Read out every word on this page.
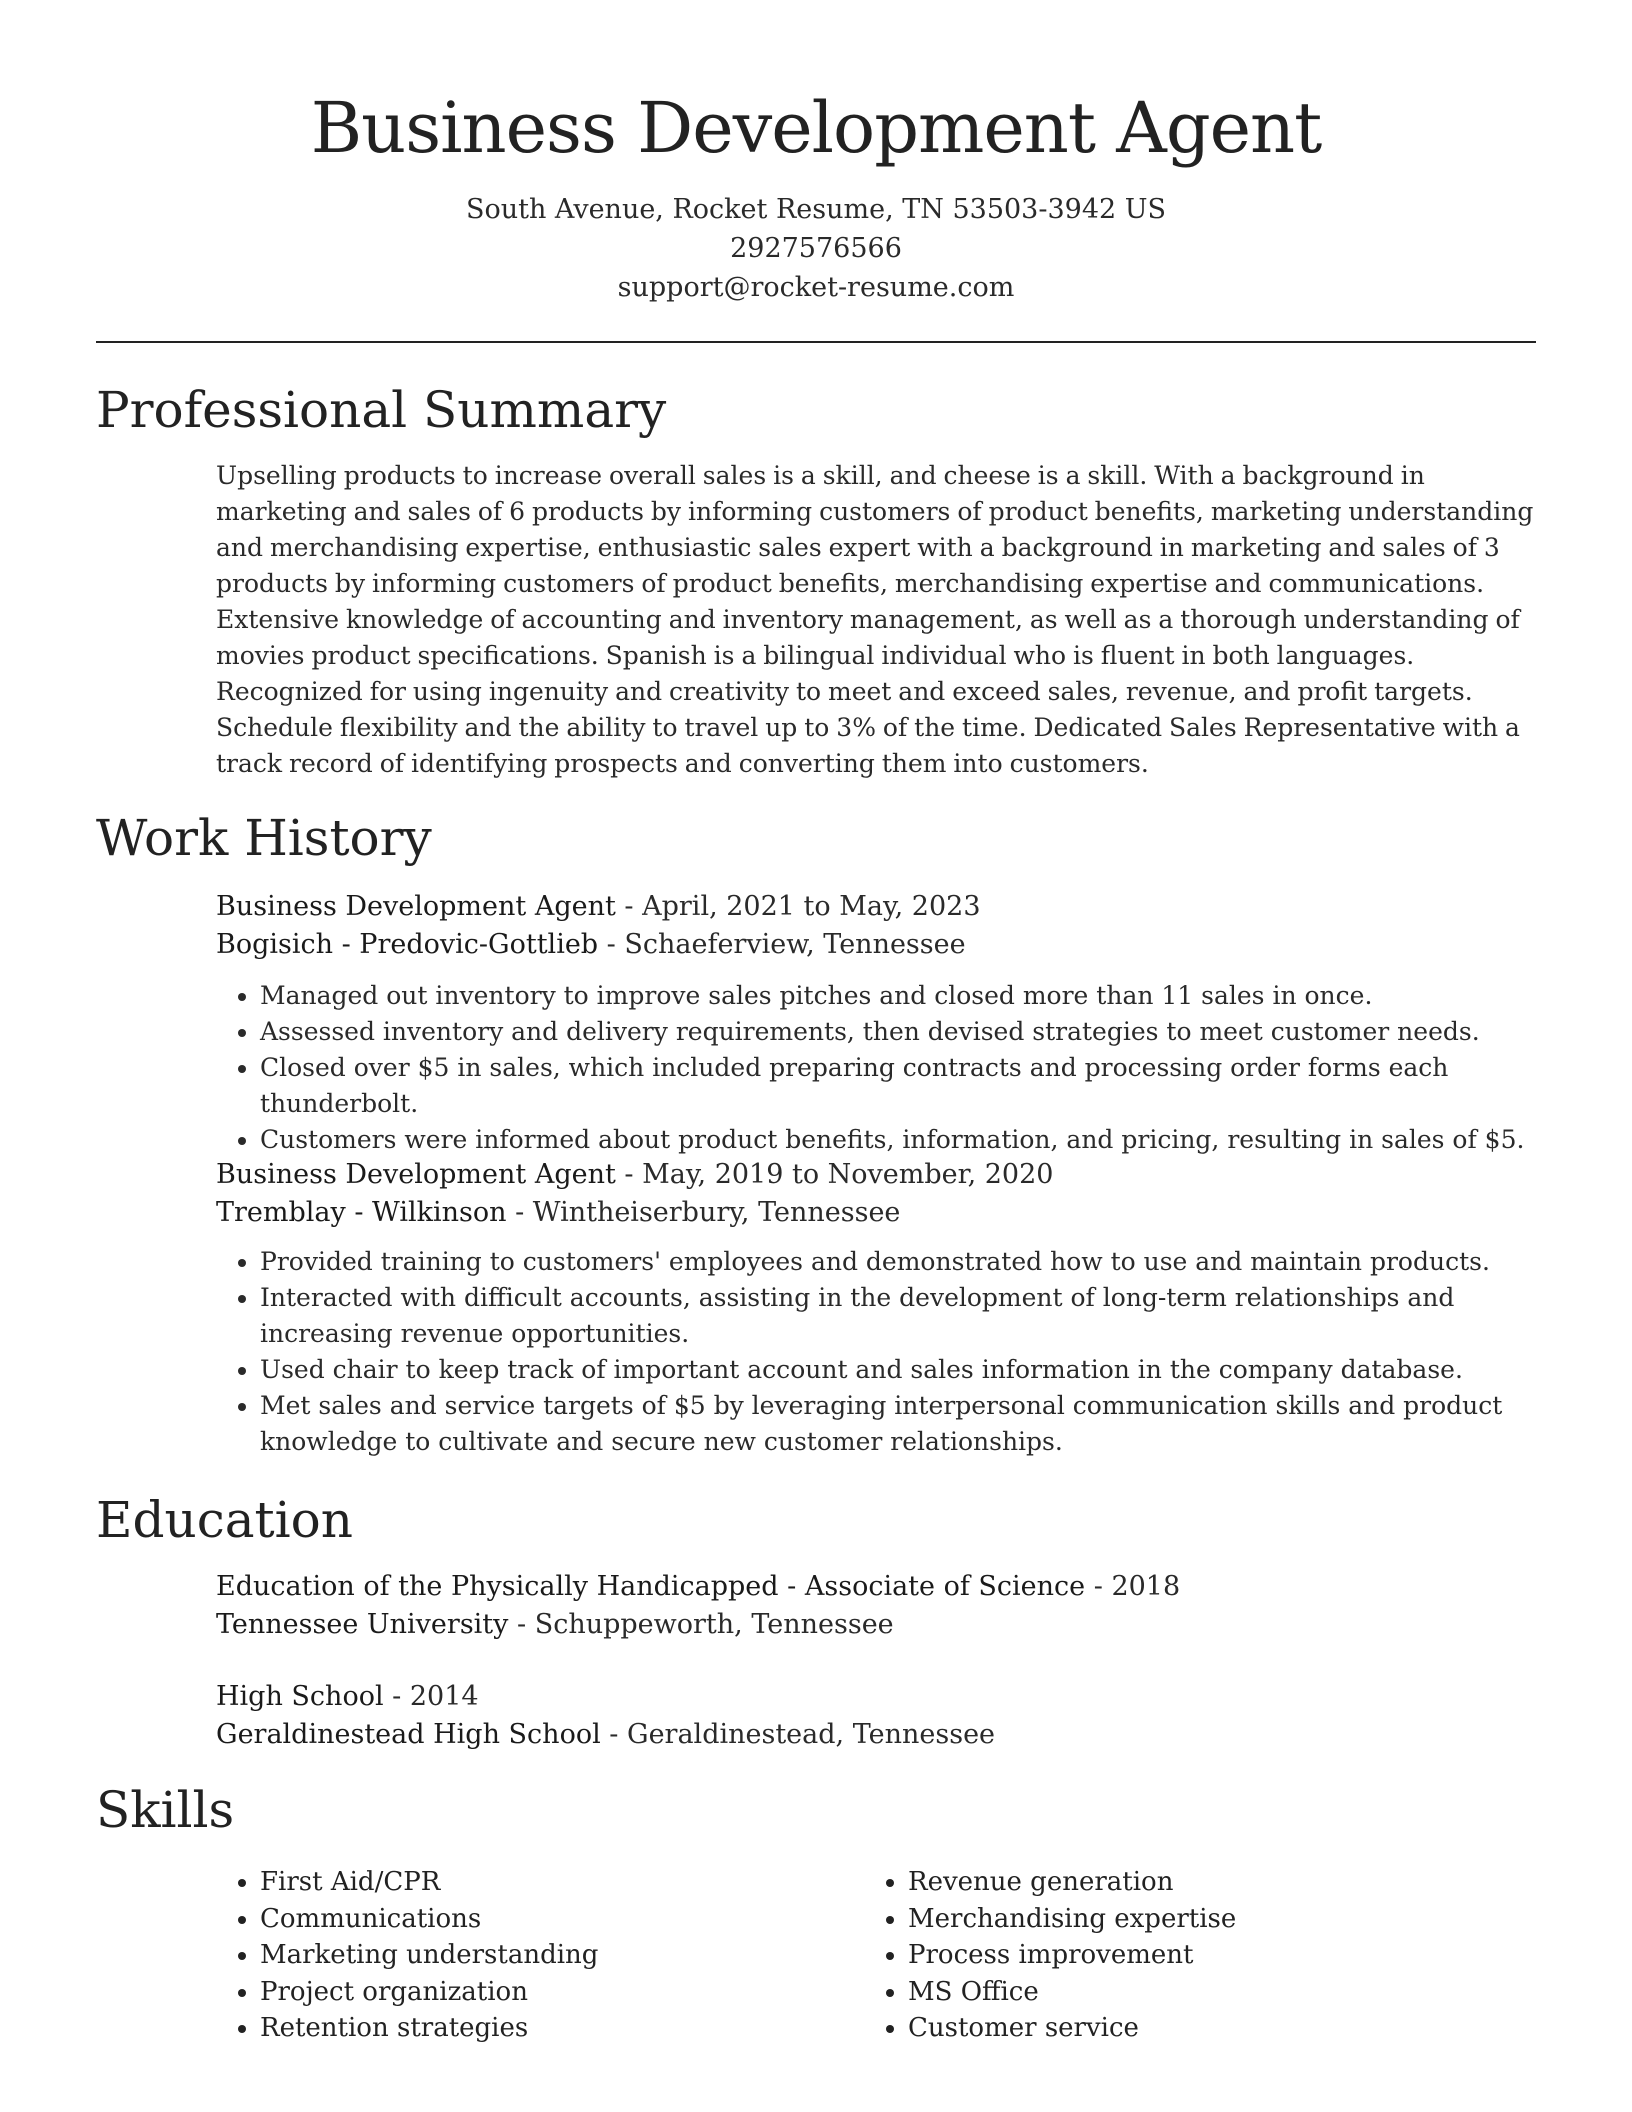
Business Development Agent
South Avenue, Rocket Resume, TN 53503-3942 US
2927576566
support@rocket-resume.com
Professional Summary
Upselling products to increase overall sales is a skill, and cheese is a skill. With a background in marketing and sales of 6 products by informing customers of product benefits, marketing understanding and merchandising expertise, enthusiastic sales expert with a background in marketing and sales of 3 products by informing customers of product benefits, merchandising expertise and communications. Extensive knowledge of accounting and inventory management, as well as a thorough understanding of movies product specifications. Spanish is a bilingual individual who is fluent in both languages. Recognized for using ingenuity and creativity to meet and exceed sales, revenue, and profit targets. Schedule flexibility and the ability to travel up to 3% of the time. Dedicated Sales Representative with a track record of identifying prospects and converting them into customers.
Work History
Business Development Agent - April, 2021 to May, 2023
Bogisich - Predovic-Gottlieb - Schaeferview, Tennessee
• Managed out inventory to improve sales pitches and closed more than 11 sales in once.
• Assessed inventory and delivery requirements, then devised strategies to meet customer needs.
• Closed over $5 in sales, which included preparing contracts and processing order forms each thunderbolt.
• Customers were informed about product benefits, information, and pricing, resulting in sales of $5.
Business Development Agent - May, 2019 to November, 2020
Tremblay - Wilkinson - Wintheiserbury, Tennessee
• Provided training to customers' employees and demonstrated how to use and maintain products.
• Interacted with difficult accounts, assisting in the development of long-term relationships and increasing revenue opportunities.
• Used chair to keep track of important account and sales information in the company database.
• Met sales and service targets of $5 by leveraging interpersonal communication skills and product knowledge to cultivate and secure new customer relationships.
Education
Education of the Physically Handicapped - Associate of Science - 2018
Tennessee University - Schuppeworth, Tennessee
High School - 2014
Geraldinestead High School - Geraldinestead, Tennessee
Skills
• First Aid/CPR
• Communications
• Marketing understanding
• Project organization
• Retention strategies
• Revenue generation
• Merchandising expertise
• Process improvement
• MS Office
• Customer service
